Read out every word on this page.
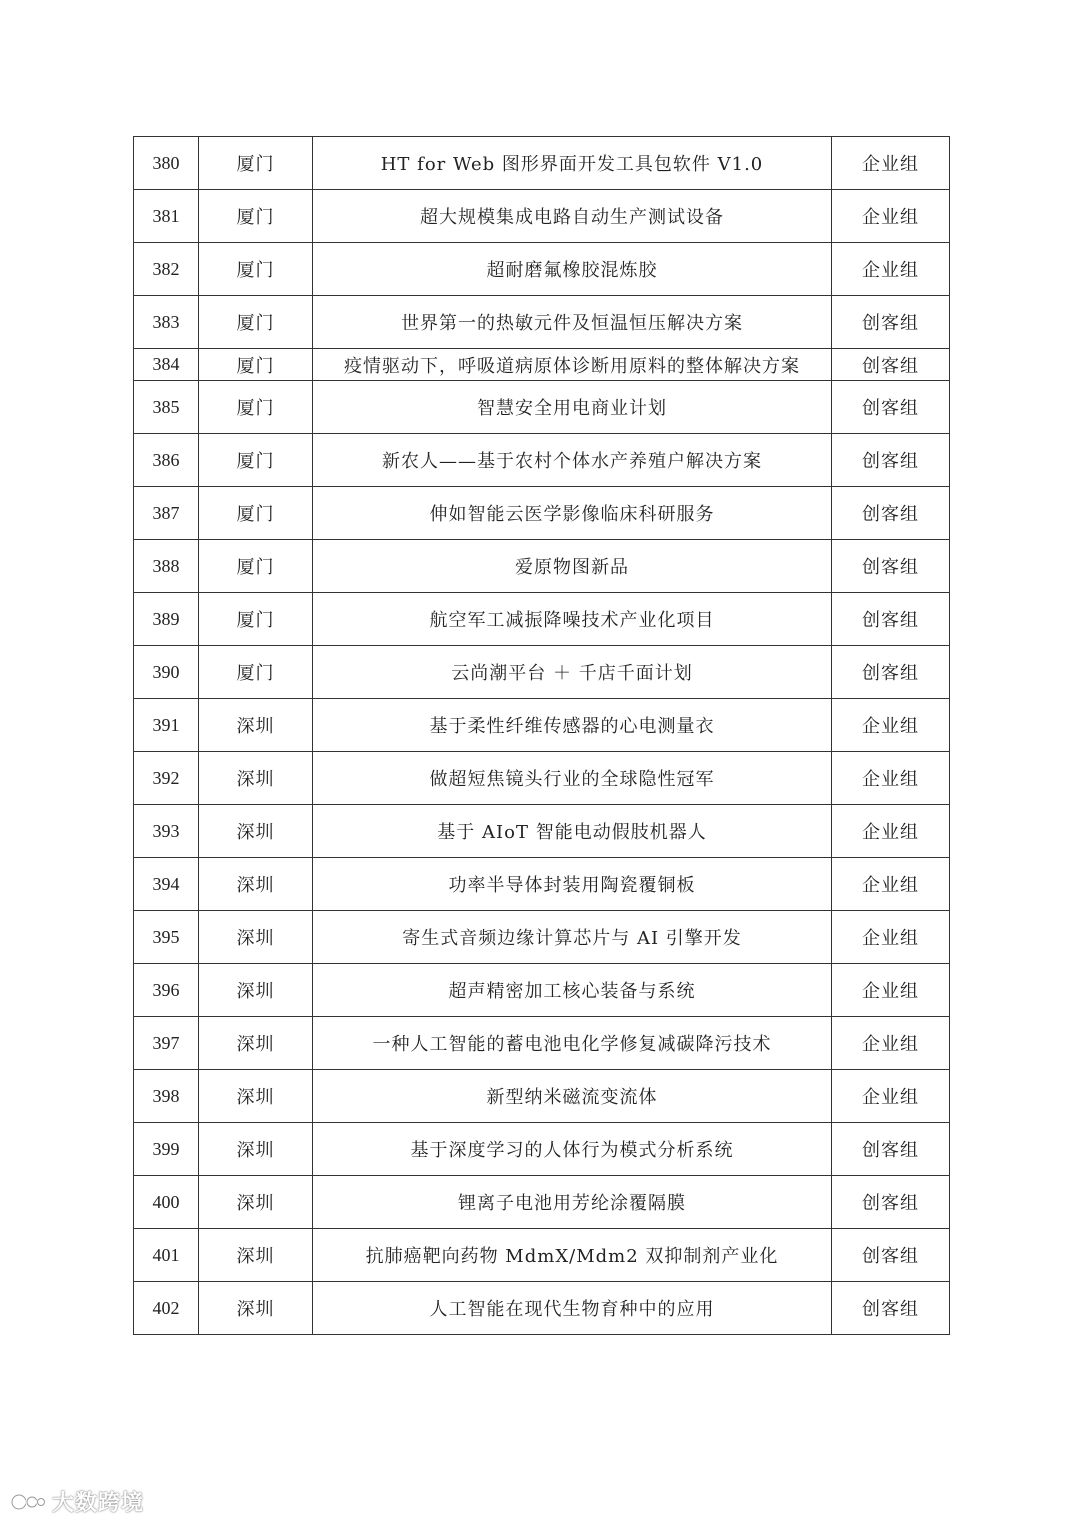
380	厦门	HT for Web 图形界面开发工具包软件 V1.0	企业组
381	厦门	超大规模集成电路自动生产测试设备	企业组
382	厦门	超耐磨氟橡胶混炼胶	企业组
383	厦门	世界第一的热敏元件及恒温恒压解决方案	创客组
384	厦门	疫情驱动下，呼吸道病原体诊断用原料的整体解决方案	创客组
385	厦门	智慧安全用电商业计划	创客组
386	厦门	新农人——基于农村个体水产养殖户解决方案	创客组
387	厦门	伸如智能云医学影像临床科研服务	创客组
388	厦门	爱原物图新品	创客组
389	厦门	航空军工减振降噪技术产业化项目	创客组
390	厦门	云尚潮平台 ＋ 千店千面计划	创客组
391	深圳	基于柔性纤维传感器的心电测量衣	企业组
392	深圳	做超短焦镜头行业的全球隐性冠军	企业组
393	深圳	基于 AIoT 智能电动假肢机器人	企业组
394	深圳	功率半导体封装用陶瓷覆铜板	企业组
395	深圳	寄生式音频边缘计算芯片与 AI 引擎开发	企业组
396	深圳	超声精密加工核心装备与系统	企业组
397	深圳	一种人工智能的蓄电池电化学修复减碳降污技术	企业组
398	深圳	新型纳米磁流变流体	企业组
399	深圳	基于深度学习的人体行为模式分析系统	创客组
400	深圳	锂离子电池用芳纶涂覆隔膜	创客组
401	深圳	抗肺癌靶向药物 MdmX/Mdm2 双抑制剂产业化	创客组
402	深圳	人工智能在现代生物育种中的应用	创客组
大数跨境
